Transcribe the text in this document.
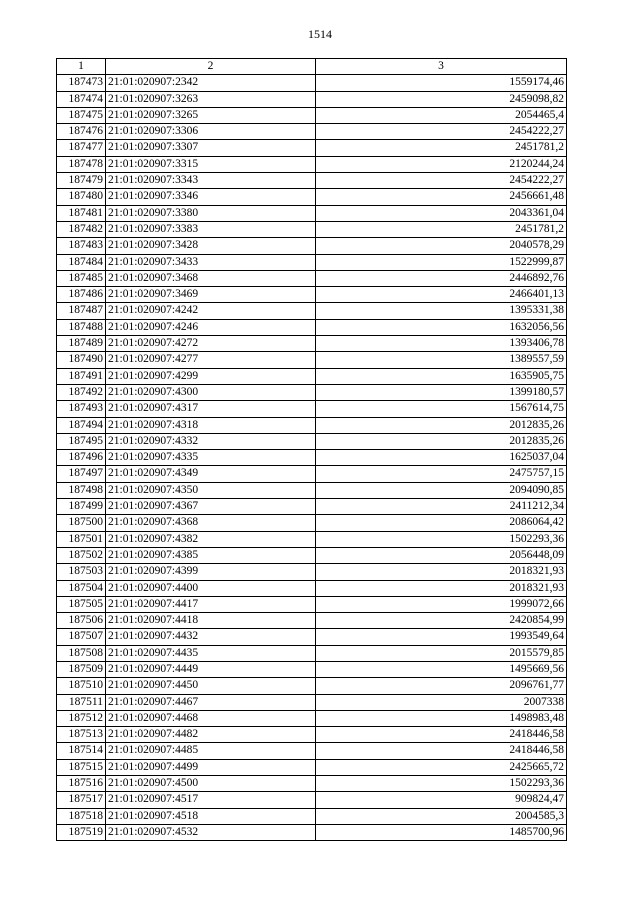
1514
1	2	3
187473	21:01:020907:2342	1559174,46
187474	21:01:020907:3263	2459098,82
187475	21:01:020907:3265	2054465,4
187476	21:01:020907:3306	2454222,27
187477	21:01:020907:3307	2451781,2
187478	21:01:020907:3315	2120244,24
187479	21:01:020907:3343	2454222,27
187480	21:01:020907:3346	2456661,48
187481	21:01:020907:3380	2043361,04
187482	21:01:020907:3383	2451781,2
187483	21:01:020907:3428	2040578,29
187484	21:01:020907:3433	1522999,87
187485	21:01:020907:3468	2446892,76
187486	21:01:020907:3469	2466401,13
187487	21:01:020907:4242	1395331,38
187488	21:01:020907:4246	1632056,56
187489	21:01:020907:4272	1393406,78
187490	21:01:020907:4277	1389557,59
187491	21:01:020907:4299	1635905,75
187492	21:01:020907:4300	1399180,57
187493	21:01:020907:4317	1567614,75
187494	21:01:020907:4318	2012835,26
187495	21:01:020907:4332	2012835,26
187496	21:01:020907:4335	1625037,04
187497	21:01:020907:4349	2475757,15
187498	21:01:020907:4350	2094090,85
187499	21:01:020907:4367	2411212,34
187500	21:01:020907:4368	2086064,42
187501	21:01:020907:4382	1502293,36
187502	21:01:020907:4385	2056448,09
187503	21:01:020907:4399	2018321,93
187504	21:01:020907:4400	2018321,93
187505	21:01:020907:4417	1999072,66
187506	21:01:020907:4418	2420854,99
187507	21:01:020907:4432	1993549,64
187508	21:01:020907:4435	2015579,85
187509	21:01:020907:4449	1495669,56
187510	21:01:020907:4450	2096761,77
187511	21:01:020907:4467	2007338
187512	21:01:020907:4468	1498983,48
187513	21:01:020907:4482	2418446,58
187514	21:01:020907:4485	2418446,58
187515	21:01:020907:4499	2425665,72
187516	21:01:020907:4500	1502293,36
187517	21:01:020907:4517	909824,47
187518	21:01:020907:4518	2004585,3
187519	21:01:020907:4532	1485700,96
